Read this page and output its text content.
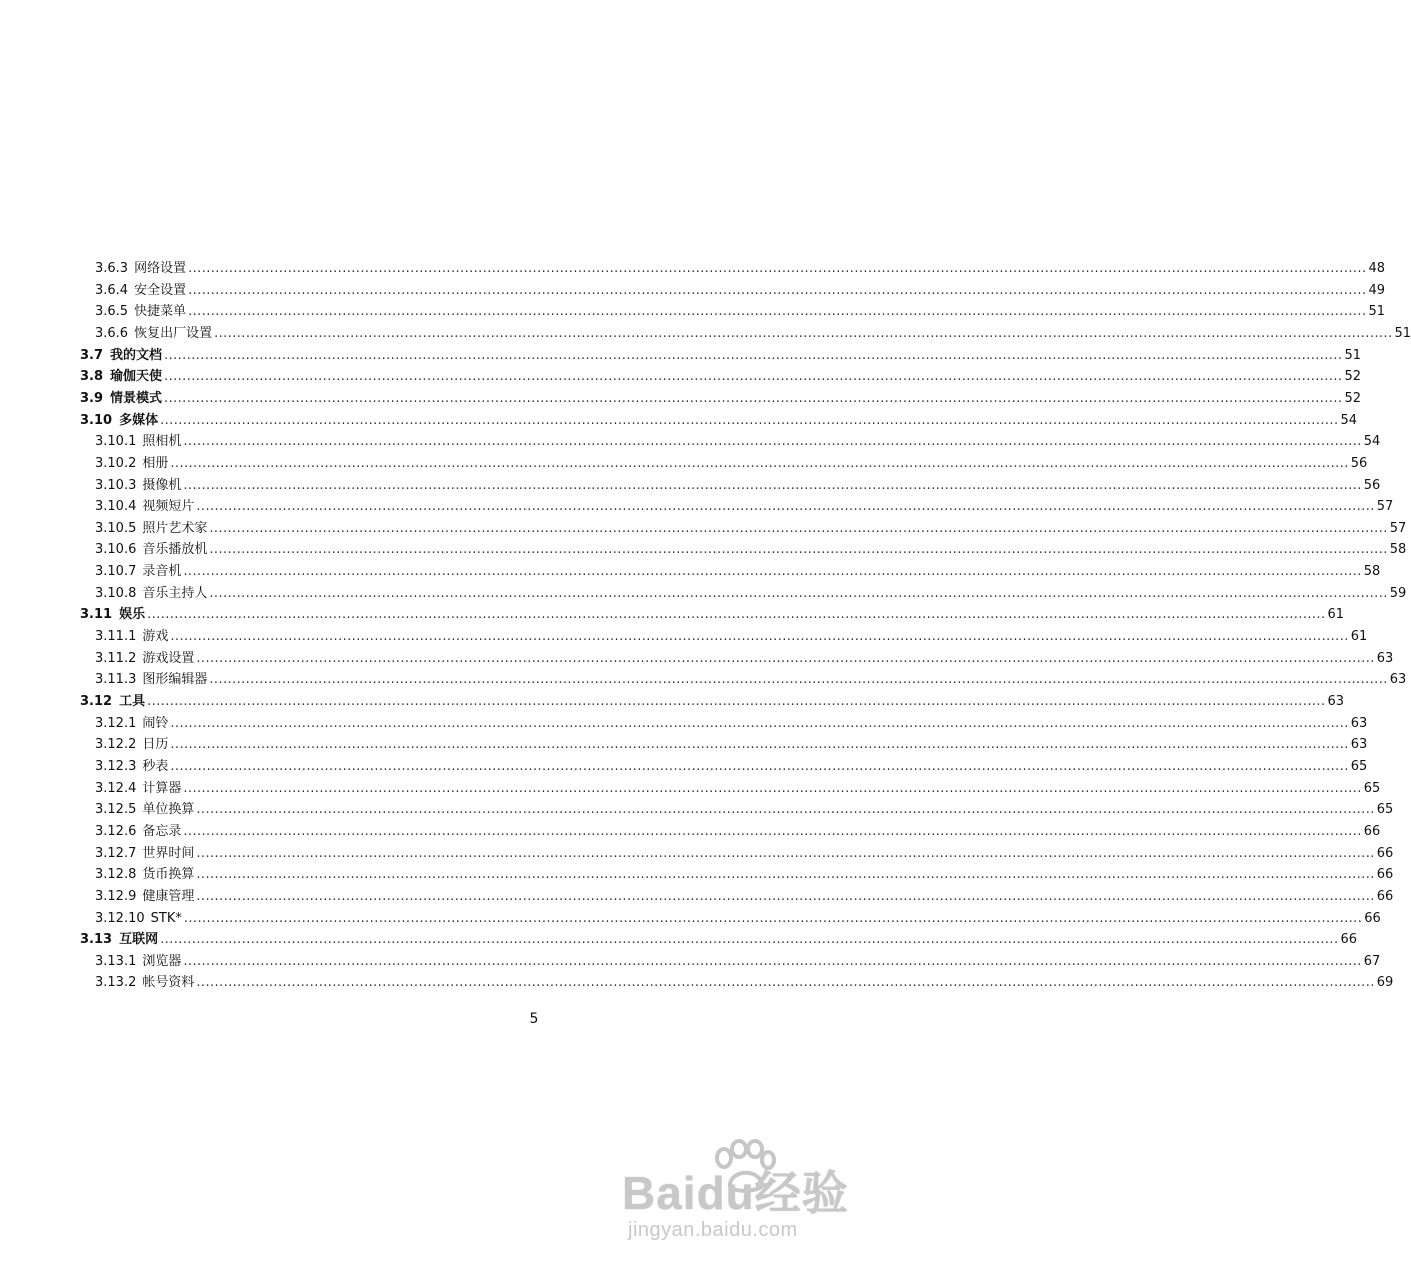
3.6.3 网络设置 .................................................................................................................................................................................................................................................................... 48
3.6.4 安全设置 .................................................................................................................................................................................................................................................................... 49
3.6.5 快捷菜单 .................................................................................................................................................................................................................................................................... 51
3.6.6 恢复出厂设置 .................................................................................................................................................................................................................................................................... 51
3.7 我的文档 .................................................................................................................................................................................................................................................................... 51
3.8 瑜伽天使 .................................................................................................................................................................................................................................................................... 52
3.9 情景模式 .................................................................................................................................................................................................................................................................... 52
3.10 多媒体 .................................................................................................................................................................................................................................................................... 54
3.10.1 照相机 .................................................................................................................................................................................................................................................................... 54
3.10.2 相册 .................................................................................................................................................................................................................................................................... 56
3.10.3 摄像机 .................................................................................................................................................................................................................................................................... 56
3.10.4 视频短片 .................................................................................................................................................................................................................................................................... 57
3.10.5 照片艺术家 .................................................................................................................................................................................................................................................................... 57
3.10.6 音乐播放机 .................................................................................................................................................................................................................................................................... 58
3.10.7 录音机 .................................................................................................................................................................................................................................................................... 58
3.10.8 音乐主持人 .................................................................................................................................................................................................................................................................... 59
3.11 娱乐 .................................................................................................................................................................................................................................................................... 61
3.11.1 游戏 .................................................................................................................................................................................................................................................................... 61
3.11.2 游戏设置 .................................................................................................................................................................................................................................................................... 63
3.11.3 图形编辑器 .................................................................................................................................................................................................................................................................... 63
3.12 工具 .................................................................................................................................................................................................................................................................... 63
3.12.1 闹铃 .................................................................................................................................................................................................................................................................... 63
3.12.2 日历 .................................................................................................................................................................................................................................................................... 63
3.12.3 秒表 .................................................................................................................................................................................................................................................................... 65
3.12.4 计算器 .................................................................................................................................................................................................................................................................... 65
3.12.5 单位换算 .................................................................................................................................................................................................................................................................... 65
3.12.6 备忘录 .................................................................................................................................................................................................................................................................... 66
3.12.7 世界时间 .................................................................................................................................................................................................................................................................... 66
3.12.8 货币换算 .................................................................................................................................................................................................................................................................... 66
3.12.9 健康管理 .................................................................................................................................................................................................................................................................... 66
3.12.10 STK* .................................................................................................................................................................................................................................................................... 66
3.13 互联网 .................................................................................................................................................................................................................................................................... 66
3.13.1 浏览器 .................................................................................................................................................................................................................................................................... 67
3.13.2 帐号资料 .................................................................................................................................................................................................................................................................... 69
5
Baidu经验
jingyan.baidu.com
